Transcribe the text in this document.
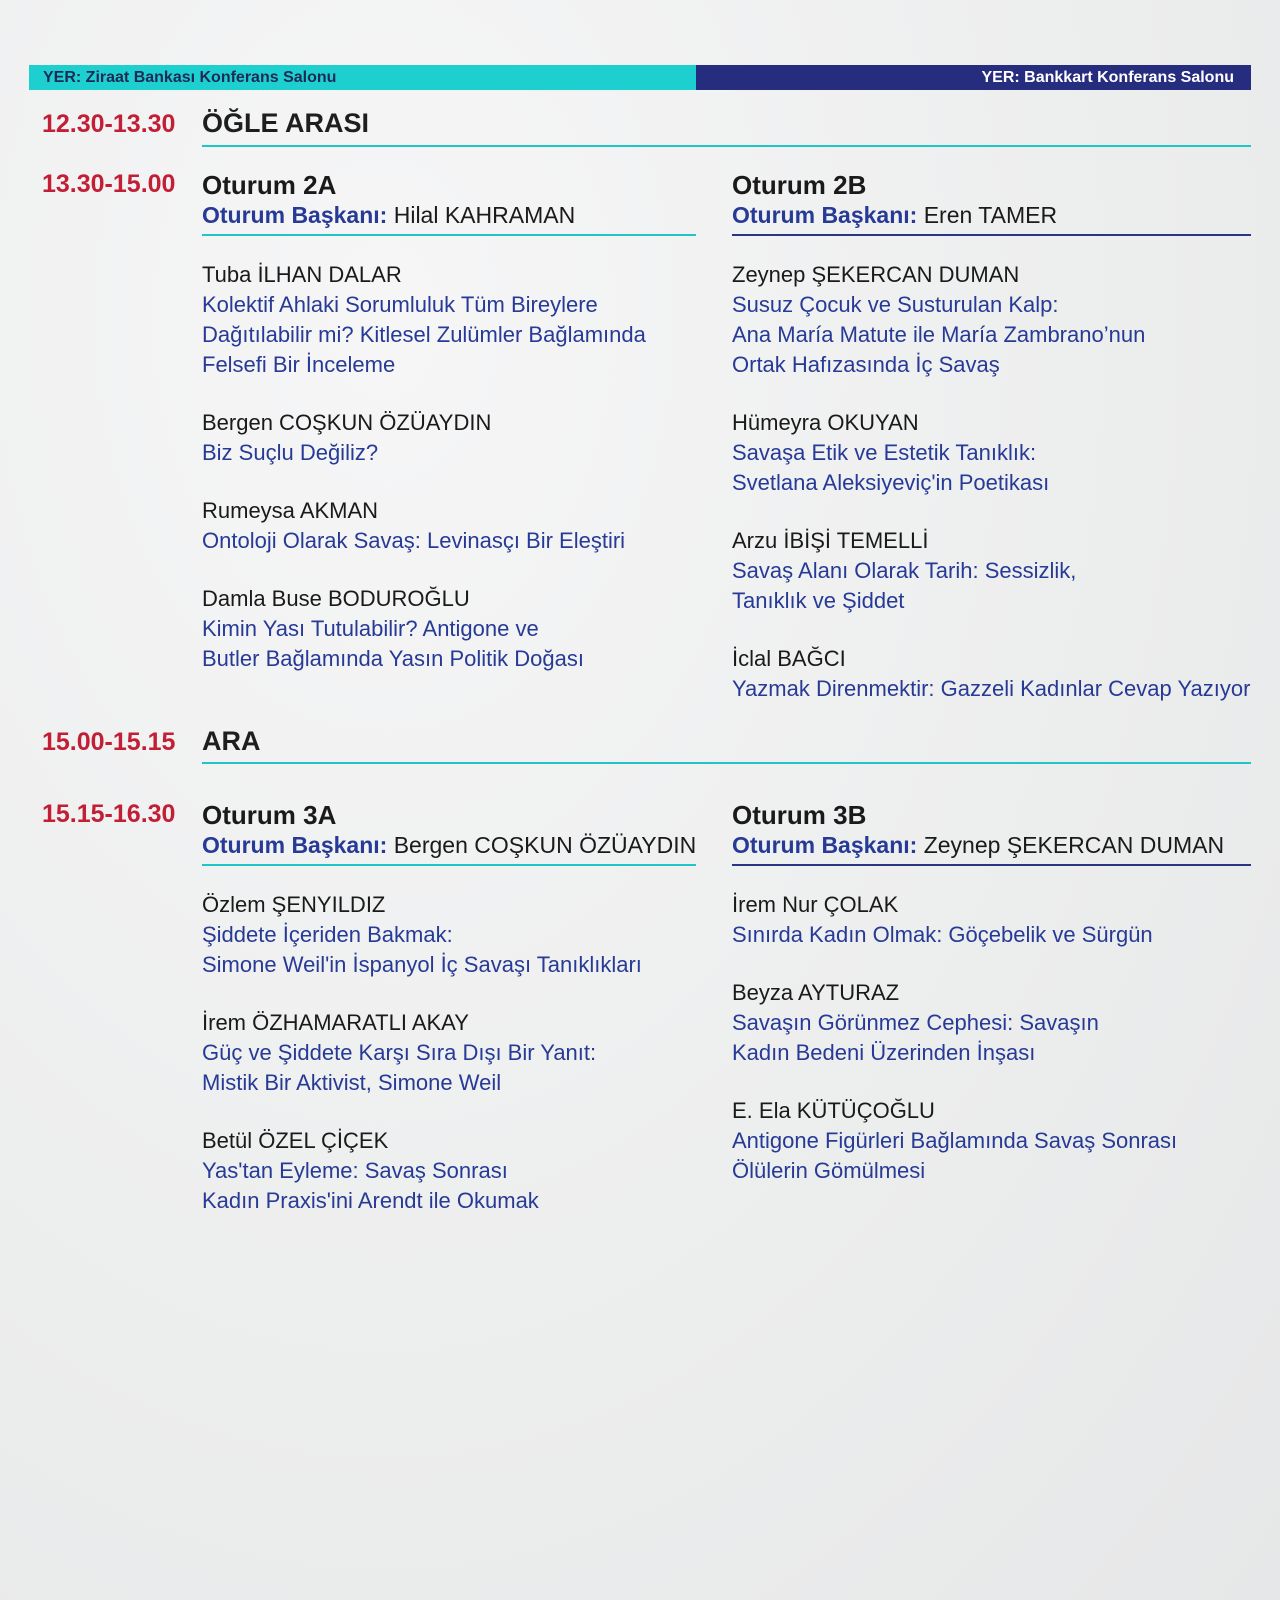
YER: Ziraat Bankası Konferans Salonu	YER: Bankkart Konferans Salonu
12.30-13.30 ÖĞLE ARASI
13.30-15.00 Oturum 2A
Oturum Başkanı: Hilal KAHRAMAN
Tuba İLHAN DALAR
Kolektif Ahlaki Sorumluluk Tüm Bireylere
Dağıtılabilir mi? Kitlesel Zulümler Bağlamında
Felsefi Bir İnceleme
Bergen COŞKUN ÖZÜAYDIN
Biz Suçlu Değiliz?
Rumeysa AKMAN
Ontoloji Olarak Savaş: Levinasçı Bir Eleştiri
Damla Buse BODUROĞLU
Kimin Yası Tutulabilir? Antigone ve
Butler Bağlamında Yasın Politik Doğası
Oturum 2B
Oturum Başkanı: Eren TAMER
Zeynep ŞEKERCAN DUMAN
Susuz Çocuk ve Susturulan Kalp:
Ana María Matute ile María Zambrano’nun
Ortak Hafızasında İç Savaş
Hümeyra OKUYAN
Savaşa Etik ve Estetik Tanıklık:
Svetlana Aleksiyeviç'in Poetikası
Arzu İBİŞİ TEMELLİ
Savaş Alanı Olarak Tarih: Sessizlik,
Tanıklık ve Şiddet
İclal BAĞCI
Yazmak Direnmektir: Gazzeli Kadınlar Cevap Yazıyor
15.00-15.15 ARA
15.15-16.30 Oturum 3A
Oturum Başkanı: Bergen COŞKUN ÖZÜAYDIN
Özlem ŞENYILDIZ
Şiddete İçeriden Bakmak:
Simone Weil'in İspanyol İç Savaşı Tanıklıkları
İrem ÖZHAMARATLI AKAY
Güç ve Şiddete Karşı Sıra Dışı Bir Yanıt:
Mistik Bir Aktivist, Simone Weil
Betül ÖZEL ÇİÇEK
Yas'tan Eyleme: Savaş Sonrası
Kadın Praxis'ini Arendt ile Okumak
Oturum 3B
Oturum Başkanı: Zeynep ŞEKERCAN DUMAN
İrem Nur ÇOLAK
Sınırda Kadın Olmak: Göçebelik ve Sürgün
Beyza AYTURAZ
Savaşın Görünmez Cephesi: Savaşın
Kadın Bedeni Üzerinden İnşası
E. Ela KÜTÜÇOĞLU
Antigone Figürleri Bağlamında Savaş Sonrası
Ölülerin Gömülmesi
